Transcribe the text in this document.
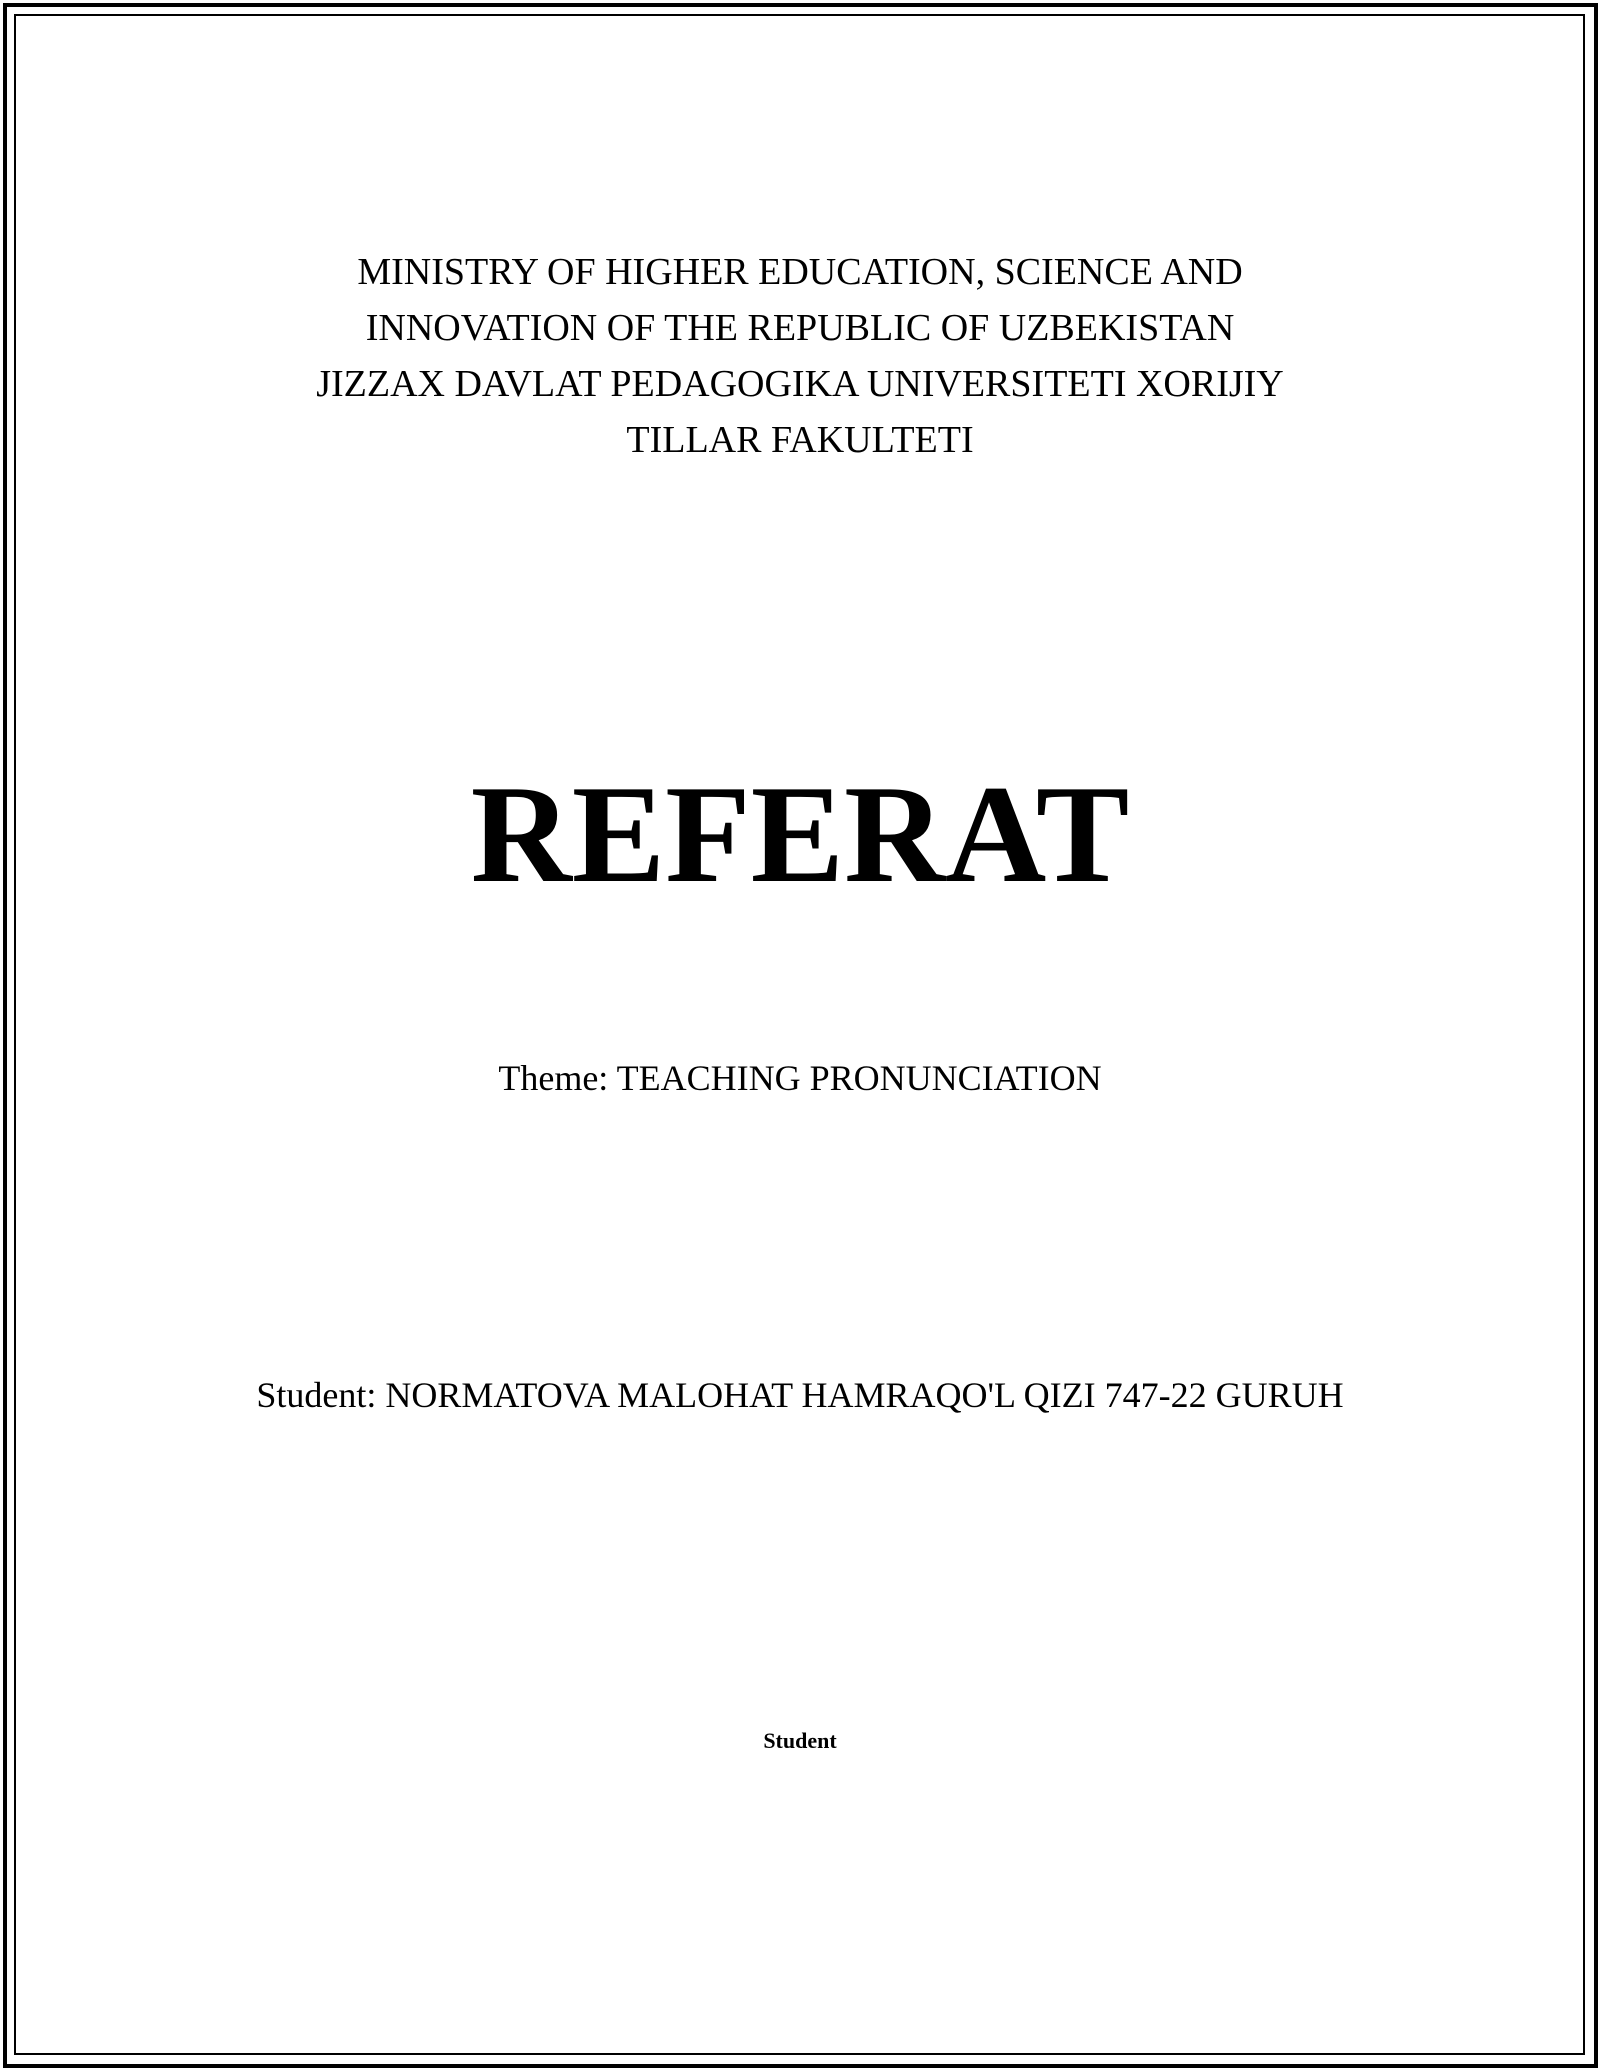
MINISTRY OF HIGHER EDUCATION, SCIENCE AND
INNOVATION OF THE REPUBLIC OF UZBEKISTAN
JIZZAX DAVLAT PEDAGOGIKA UNIVERSITETI XORIJIY
TILLAR FAKULTETI
REFERAT
Theme: TEACHING PRONUNCIATION
Student: NORMATOVA MALOHAT HAMRAQO'L QIZI 747-22 GURUH
Student
